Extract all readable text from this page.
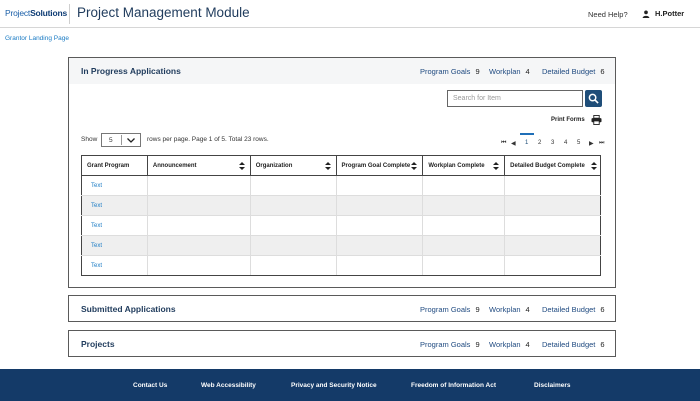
ProjectSolutions Project Management Module	Need Help?	H.Potter
Grantor Landing Page
In Progress Applications	Program Goals 9 Workplan 4 Detailed Budget 6
Search for Item
Print Forms
Show 5	rows per page. Page 1 of 5. Total 23 rows.	⏮ ◀ 1 2 3 4 5 ▶ ⏭
Grant Program	Announcement	Organization	Program Goal Complete	Workplan Complete	Detailed Budget Complete

Text					
Text					
Text					
Text					
Text					
Submitted Applications	Program Goals 9 Workplan 4 Detailed Budget 6
Projects	Program Goals 9 Workplan 4 Detailed Budget 6
Contact Us	Web Accessibility	Privacy and Security Notice	Freedom of Information Act	Disclaimers
